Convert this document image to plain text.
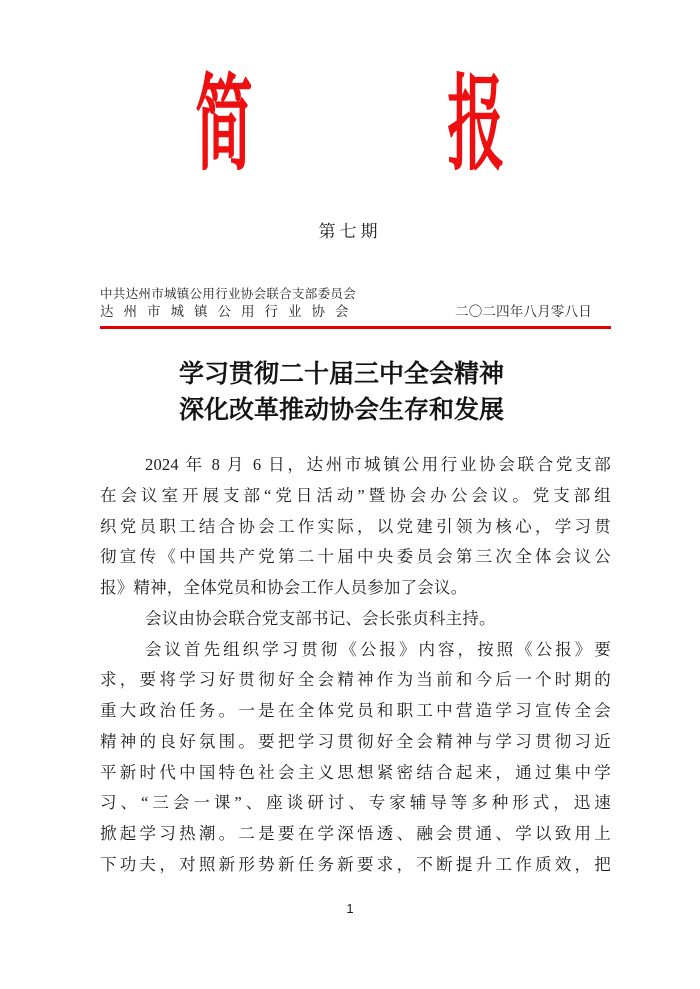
简 报
第七期
中共达州市城镇公用行业协会联合支部委员会
达州市城镇公用行业协会	二〇二四年八月零八日
学习贯彻二十届三中全会精神
深化改革推动协会生存和发展
2024 年 8 月 6 日，达州市城镇公用行业协会联合党支部
在会议室开展支部“党日活动”暨协会办公会议。党支部组
织党员职工结合协会工作实际，以党建引领为核心，学习贯
彻宣传《中国共产党第二十届中央委员会第三次全体会议公
报》精神，全体党员和协会工作人员参加了会议。
会议由协会联合党支部书记、会长张贞科主持。
会议首先组织学习贯彻《公报》内容，按照《公报》要
求，要将学习好贯彻好全会精神作为当前和今后一个时期的
重大政治任务。一是在全体党员和职工中营造学习宣传全会
精神的良好氛围。要把学习贯彻好全会精神与学习贯彻习近
平新时代中国特色社会主义思想紧密结合起来，通过集中学
习、“三会一课”、座谈研讨、专家辅导等多种形式，迅速
掀起学习热潮。二是要在学深悟透、融会贯通、学以致用上
下功夫，对照新形势新任务新要求，不断提升工作质效，把
1
